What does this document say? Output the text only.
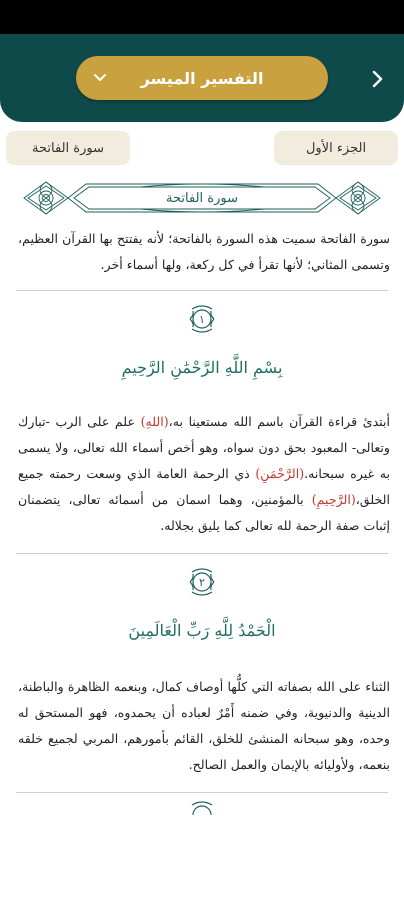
التفسير الميسر
سورة الفاتحة	الجزء الأول
سورة الفاتحة

سورة الفاتحة سميت هذه السورة بالفاتحة؛ لأنه يفتتح بها القرآن العظيم، وتسمى المثاني؛ لأنها تقرأ في كل ركعة، ولها أسماء أخر.

١
بِسْمِ اللَّهِ الرَّحْمَٰنِ الرَّحِيمِ

أبتدئ قراءة القرآن باسم الله مستعينا به،(اللهِ) علم على الرب -تبارك وتعالى- المعبود بحق دون سواه، وهو أخص أسماء الله تعالى، ولا يسمى به غيره سبحانه.(الرَّحْمَنِ) ذي الرحمة العامة الذي وسعت رحمته جميع الخلق،(الرَّحِيمِ) بالمؤمنين، وهما اسمان من أسمائه تعالى، يتضمنان إثبات صفة الرحمة لله تعالى كما يليق بجلاله.

٢
الْحَمْدُ لِلَّهِ رَبِّ الْعَالَمِينَ

الثناء على الله بصفاته التي كلُّها أوصاف كمال، وبنعمه الظاهرة والباطنة، الدينية والدنيوية، وفي ضمنه أَمْرٌ لعباده أن يحمدوه، فهو المستحق له وحده، وهو سبحانه المنشئ للخلق، القائم بأمورهم، المربي لجميع خلقه بنعمه، ولأوليائه بالإيمان والعمل الصالح.
